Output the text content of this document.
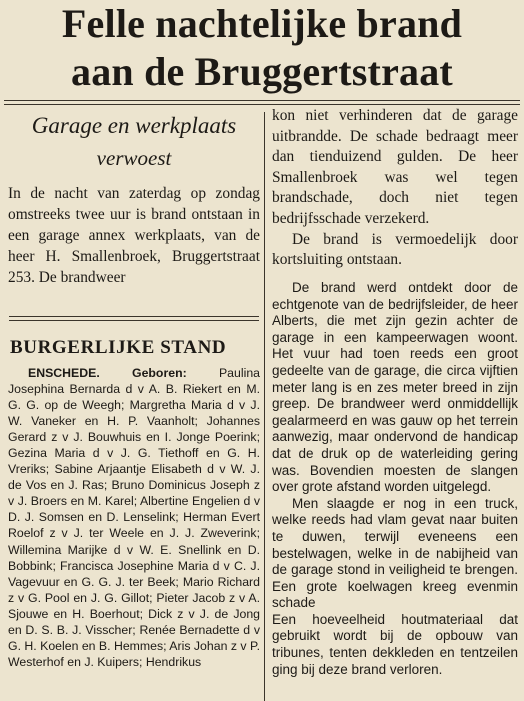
Felle nachtelijke brand
aan de Bruggertstraat
Garage en werkplaats
verwoest

In de nacht van zaterdag op zondag omstreeks twee uur is brand ontstaan in een garage annex werkplaats, van de heer H. Smallenbroek, Bruggertstraat 253. De brandweer

BURGERLIJKE STAND

ENSCHEDE. Geboren:	Paulina Josephina Bernarda d v A. B. Riekert en M. G. G. op de Weegh; Margretha Maria d v J. W. Vaneker en H. P. Vaanholt; Johannes Gerard z v J. Bouwhuis en I. Jonge Poerink; Gezina Maria d v J. G. Tiethoff en G. H. Vreriks; Sabine Arjaantje Elisabeth d v W. J. de Vos en J. Ras; Bruno Dominicus Joseph z v J. Broers en M. Karel; Albertine Engelien d v D. J. Somsen en D. Lenselink; Herman Evert Roelof z v J. ter Weele en J. J. Zweverink; Willemina Marijke d v W. E. Snellink en D. Bobbink; Francisca Josephine Maria d v C. J. Vagevuur en G. G. J. ter Beek; Mario Richard z v G. Pool en J. G. Gillot; Pieter Jacob z v A. Sjouwe en H. Boerhout; Dick z v J. de Jong en D. S. B. J. Visscher; Renée Bernadette d v G. H. Koelen en B. Hemmes; Aris Johan z v P. Westerhof en J. Kuipers; Hendrikus

kon niet verhinderen dat de garage uitbrandde. De schade bedraagt meer dan tienduizend gulden. De heer Smallenbroek was wel tegen brandschade, doch niet tegen bedrijfsschade verzekerd.

De brand is vermoedelijk door kortsluiting ontstaan.

De brand werd ontdekt door de echtgenote van de bedrijfsleider, de heer Alberts, die met zijn gezin achter de garage in een kampeerwagen woont. Het vuur had toen reeds een groot gedeelte van de garage, die circa vijftien meter lang is en zes meter breed in zijn greep. De brandweer werd onmiddellijk gealarmeerd en was gauw op het terrein aanwezig, maar ondervond de handicap dat de druk op de waterleiding gering was. Bovendien moesten de slangen over grote afstand worden uitgelegd.

Men slaagde er nog in een truck, welke reeds had vlam gevat naar buiten te duwen, terwijl eveneens een bestelwagen, welke in de nabijheid van de garage stond in veiligheid te brengen. Een grote koelwagen kreeg evenmin schade

Een hoeveelheid houtmateriaal dat gebruikt wordt bij de opbouw van tribunes, tenten dekkleden en tentzeilen ging bij deze brand verloren.
